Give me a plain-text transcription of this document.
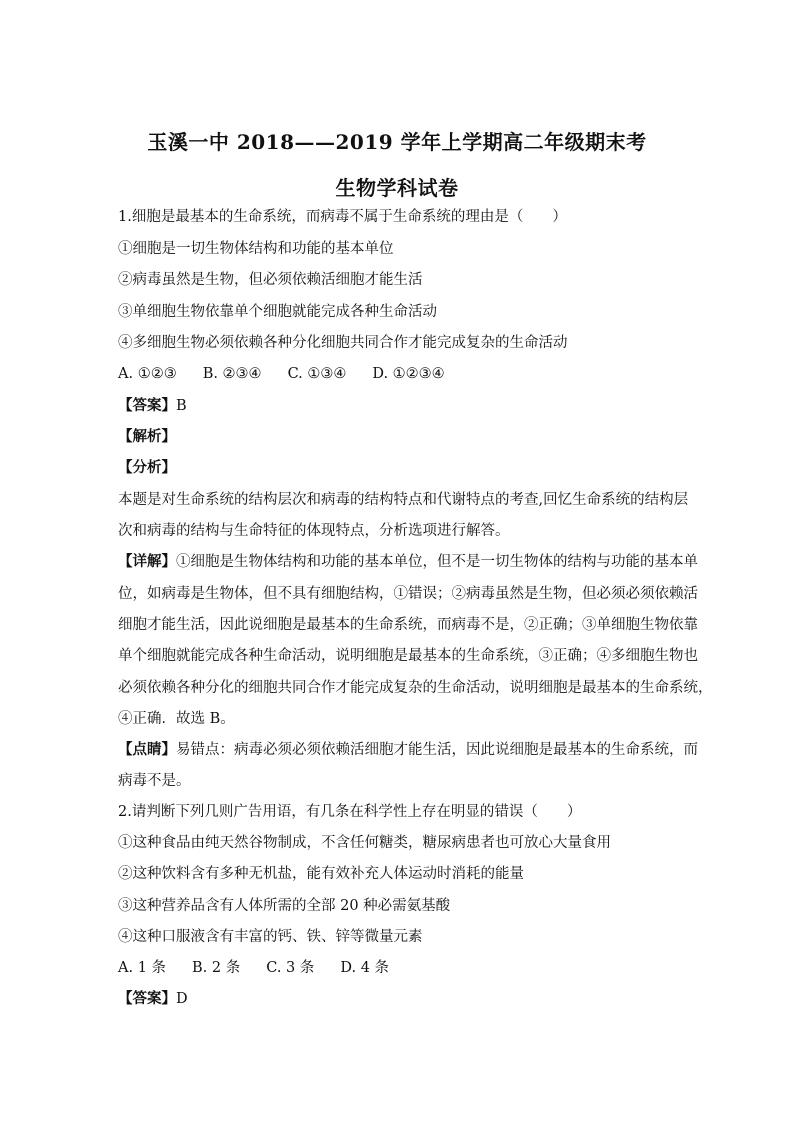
玉溪一中 2018——2019 学年上学期高二年级期末考
生物学科试卷
1.细胞是最基本的生命系统，而病毒不属于生命系统的理由是（　　）
①细胞是一切生物体结构和功能的基本单位
②病毒虽然是生物，但必须依赖活细胞才能生活
③单细胞生物依靠单个细胞就能完成各种生命活动
④多细胞生物必须依赖各种分化细胞共同合作才能完成复杂的生命活动
A. ①②③ B. ②③④ C. ①③④ D. ①②③④
【答案】B
【解析】
【分析】
本题是对生命系统的结构层次和病毒的结构特点和代谢特点的考查,回忆生命系统的结构层
次和病毒的结构与生命特征的体现特点，分析选项进行解答。
【详解】①细胞是生物体结构和功能的基本单位，但不是一切生物体的结构与功能的基本单
位，如病毒是生物体，但不具有细胞结构，①错误；②病毒虽然是生物，但必须必须依赖活
细胞才能生活，因此说细胞是最基本的生命系统，而病毒不是，②正确；③单细胞生物依靠
单个细胞就能完成各种生命活动，说明细胞是最基本的生命系统，③正确；④多细胞生物也
必须依赖各种分化的细胞共同合作才能完成复杂的生命活动，说明细胞是最基本的生命系统，
④正确．故选 B。
【点睛】易错点：病毒必须必须依赖活细胞才能生活，因此说细胞是最基本的生命系统，而
病毒不是。
2.请判断下列几则广告用语，有几条在科学性上存在明显的错误（　　）
①这种食品由纯天然谷物制成，不含任何糖类，糖尿病患者也可放心大量食用
②这种饮料含有多种无机盐，能有效补充人体运动时消耗的能量
③这种营养品含有人体所需的全部 20 种必需氨基酸
④这种口服液含有丰富的钙、铁、锌等微量元素
A. 1 条 B. 2 条 C. 3 条 D. 4 条
【答案】D
